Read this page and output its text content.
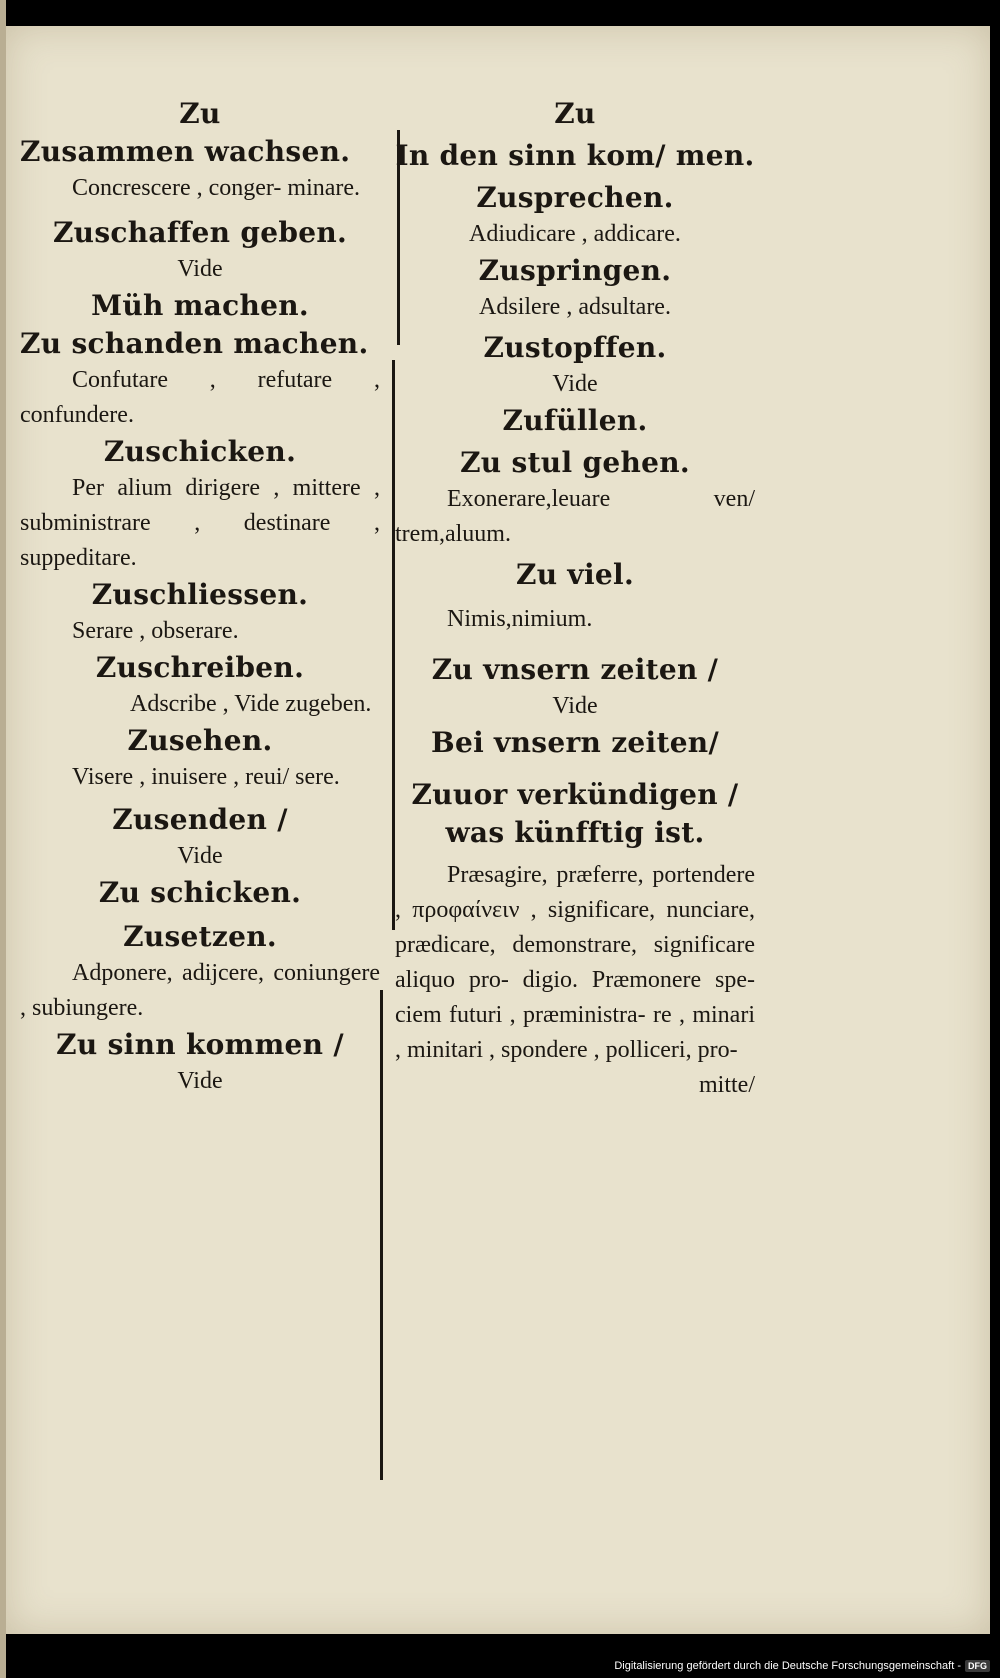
Zu
Zusammen wachsen.
Concrescere , conger- minare.
Zuschaffen geben.
Vide
Müh machen.
Zu schanden machen.
Confutare , refutare , confundere.
Zuschicken.
Per alium dirigere , mittere , subministrare , destinare , suppeditare.
Zuschliessen.
Serare , obserare.
Zuschreiben.
Adscribe , Vide zugeben.
Zusehen.
Visere , inuisere , reui/ sere.
Zusenden /
Vide
Zu schicken.
Zusetzen.
Adponere, adijcere, coniungere , subiungere.
Zu sinn kommen /
Vide
Zu
In den sinn kom/ men.
Zusprechen.
Adiudicare , addicare.
Zuspringen.
Adsilere , adsultare.
Zustopffen.
Vide
Zufüllen.
Zu stul gehen.
Exonerare,leuare ven/ trem,aluum.
Zu viel.
Nimis,nimium.
Zu vnsern zeiten /
Vide
Bei vnsern zeiten/
Zuuor verkündigen / was künfftig ist.
Præsagire, præferre, portendere , προφαίνειν , significare, nunciare, prædicare, demonstrare, significare aliquo pro- digio. Præmonere spe- ciem futuri , præministra- re , minari , minitari , spondere , polliceri, pro-
mitte/
Digitalisierung gefördert durch die Deutsche Forschungsgemeinschaft - DFG
